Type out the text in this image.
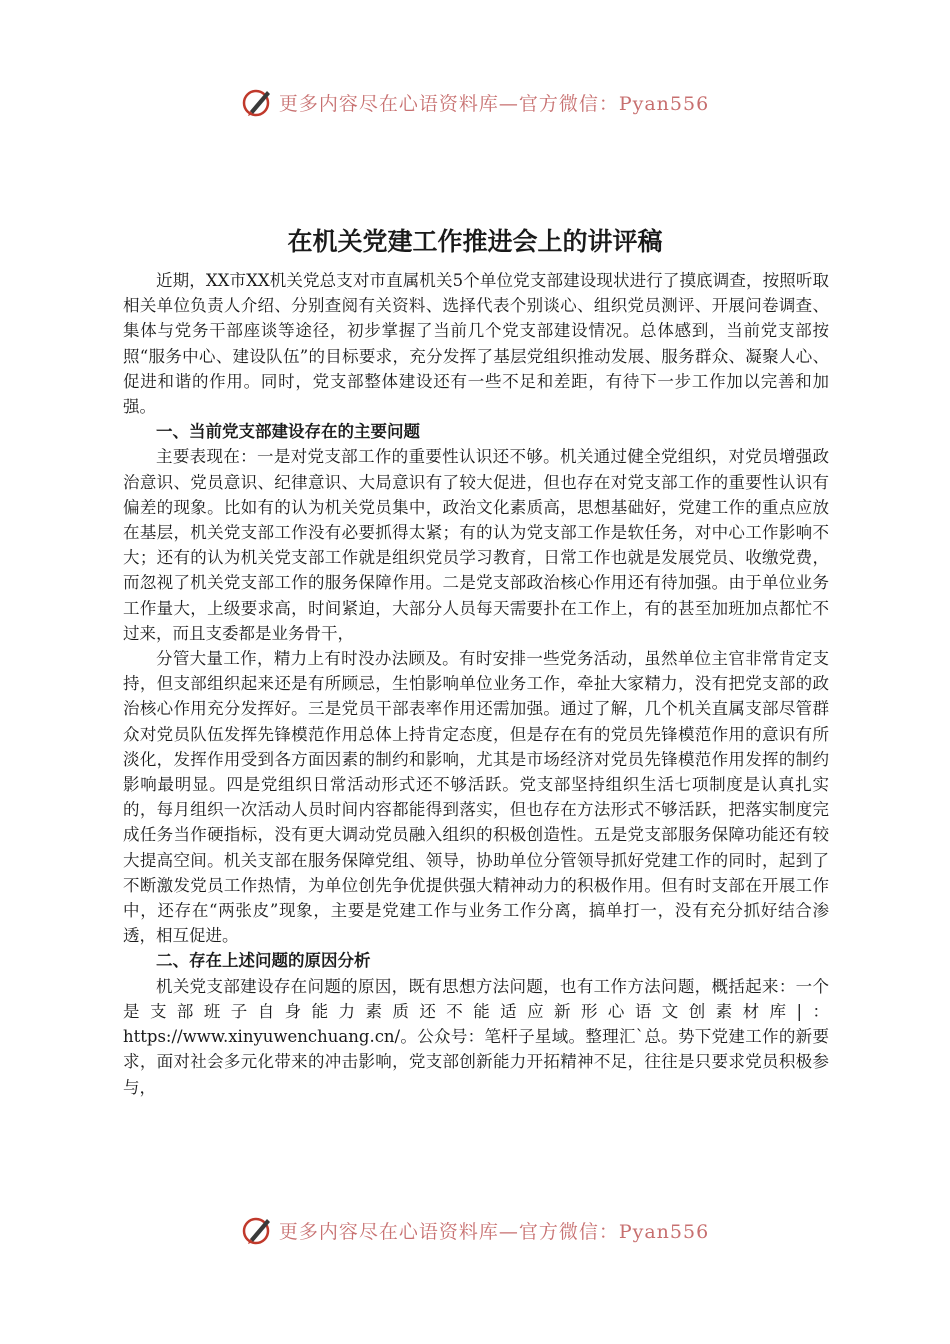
更多内容尽在心语资料库—官方微信：Pyan556
在机关党建工作推进会上的讲评稿

近期，XX市XX机关党总支对市直属机关5个单位党支部建设现状进行了摸底调查，按照听取相关单位负责人介绍、分别查阅有关资料、选择代表个别谈心、组织党员测评、开展问卷调查、集体与党务干部座谈等途径，初步掌握了当前几个党支部建设情况。总体感到，当前党支部按照“服务中心、建设队伍”的目标要求，充分发挥了基层党组织推动发展、服务群众、凝聚人心、促进和谐的作用。同时，党支部整体建设还有一些不足和差距，有待下一步工作加以完善和加强。

一、当前党支部建设存在的主要问题

主要表现在：一是对党支部工作的重要性认识还不够。机关通过健全党组织，对党员增强政治意识、党员意识、纪律意识、大局意识有了较大促进，但也存在对党支部工作的重要性认识有偏差的现象。比如有的认为机关党员集中，政治文化素质高，思想基础好，党建工作的重点应放在基层，机关党支部工作没有必要抓得太紧；有的认为党支部工作是软任务，对中心工作影响不大；还有的认为机关党支部工作就是组织党员学习教育，日常工作也就是发展党员、收缴党费，而忽视了机关党支部工作的服务保障作用。二是党支部政治核心作用还有待加强。由于单位业务工作量大，上级要求高，时间紧迫，大部分人员每天需要扑在工作上，有的甚至加班加点都忙不过来，而且支委都是业务骨干，

分管大量工作，精力上有时没办法顾及。有时安排一些党务活动，虽然单位主官非常肯定支持，但支部组织起来还是有所顾忌，生怕影响单位业务工作，牵扯大家精力，没有把党支部的政治核心作用充分发挥好。三是党员干部表率作用还需加强。通过了解，几个机关直属支部尽管群众对党员队伍发挥先锋模范作用总体上持肯定态度，但是存在有的党员先锋模范作用的意识有所淡化，发挥作用受到各方面因素的制约和影响，尤其是市场经济对党员先锋模范作用发挥的制约影响最明显。四是党组织日常活动形式还不够活跃。党支部坚持组织生活七项制度是认真扎实的，每月组织一次活动人员时间内容都能得到落实，但也存在方法形式不够活跃，把落实制度完成任务当作硬指标，没有更大调动党员融入组织的积极创造性。五是党支部服务保障功能还有较大提高空间。机关支部在服务保障党组、领导，协助单位分管领导抓好党建工作的同时，起到了不断激发党员工作热情，为单位创先争优提供强大精神动力的积极作用。但有时支部在开展工作中，还存在“两张皮”现象，主要是党建工作与业务工作分离，搞单打一，没有充分抓好结合渗透，相互促进。

二、存在上述问题的原因分析

机关党支部建设存在问题的原因，既有思想方法问题，也有工作方法问题，概括起来：一个是支部班子自身能力素质还不能适应新形心语文创素材库|：https://www.xinyuwenchuang.cn/。公众号：笔杆子星域。整理汇`总。势下党建工作的新要求，面对社会多元化带来的冲击影响，党支部创新能力开拓精神不足，往往是只要求党员积极参与，

更多内容尽在心语资料库—官方微信：Pyan556
